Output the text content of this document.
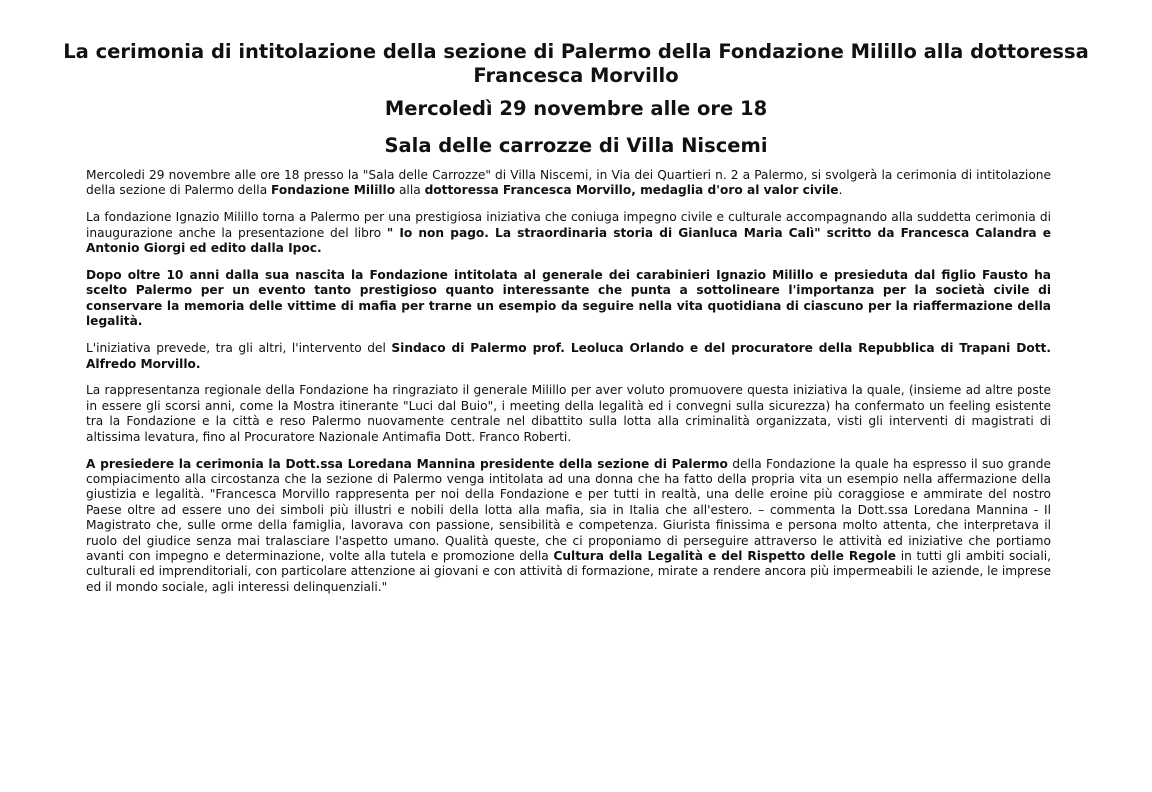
La cerimonia di intitolazione della sezione di Palermo della Fondazione Milillo alla dottoressa Francesca Morvillo
Mercoledì 29 novembre alle ore 18
Sala delle carrozze di Villa Niscemi

Mercoledi 29 novembre alle ore 18 presso la "Sala delle Carrozze" di Villa Niscemi, in Via dei Quartieri n. 2 a Palermo, si svolgerà la cerimonia di intitolazione della sezione di Palermo della Fondazione Milillo alla dottoressa Francesca Morvillo, medaglia d'oro al valor civile.

La fondazione Ignazio Milillo torna a Palermo per una prestigiosa iniziativa che coniuga impegno civile e culturale accompagnando alla suddetta cerimonia di inaugurazione anche la presentazione del libro " Io non pago. La straordinaria storia di Gianluca Maria Calì" scritto da Francesca Calandra e Antonio Giorgi ed edito dalla Ipoc.

Dopo oltre 10 anni dalla sua nascita la Fondazione intitolata al generale dei carabinieri Ignazio Milillo e presieduta dal figlio Fausto ha scelto Palermo per un evento tanto prestigioso quanto interessante che punta a sottolineare l'importanza per la società civile di conservare la memoria delle vittime di mafia per trarne un esempio da seguire nella vita quotidiana di ciascuno per la riaffermazione della legalità.

L'iniziativa prevede, tra gli altri, l'intervento del Sindaco di Palermo prof. Leoluca Orlando e del procuratore della Repubblica di Trapani Dott. Alfredo Morvillo.

La rappresentanza regionale della Fondazione ha ringraziato il generale Milillo per aver voluto promuovere questa iniziativa la quale, (insieme ad altre poste in essere gli scorsi anni, come la Mostra itinerante "Luci dal Buio", i meeting della legalità ed i convegni sulla sicurezza) ha confermato un feeling esistente tra la Fondazione e la città e reso Palermo nuovamente centrale nel dibattito sulla lotta alla criminalità organizzata, visti gli interventi di magistrati di altissima levatura, fino al Procuratore Nazionale Antimafia Dott. Franco Roberti.

A presiedere la cerimonia la Dott.ssa Loredana Mannina presidente della sezione di Palermo della Fondazione la quale ha espresso il suo grande compiacimento alla circostanza che la sezione di Palermo venga intitolata ad una donna che ha fatto della propria vita un esempio nella affermazione della giustizia e legalità. "Francesca Morvillo rappresenta per noi della Fondazione e per tutti in realtà, una delle eroine più coraggiose e ammirate del nostro Paese oltre ad essere uno dei simboli più illustri e nobili della lotta alla mafia, sia in Italia che all'estero. – commenta la Dott.ssa Loredana Mannina - Il Magistrato che, sulle orme della famiglia, lavorava con passione, sensibilità e competenza. Giurista finissima e persona molto attenta, che interpretava il ruolo del giudice senza mai tralasciare l'aspetto umano. Qualità queste, che ci proponiamo di perseguire attraverso le attività ed iniziative che portiamo avanti con impegno e determinazione, volte alla tutela e promozione della Cultura della Legalità e del Rispetto delle Regole in tutti gli ambiti sociali, culturali ed imprenditoriali, con particolare attenzione ai giovani e con attività di formazione, mirate a rendere ancora più impermeabili le aziende, le imprese ed il mondo sociale, agli interessi delinquenziali."
